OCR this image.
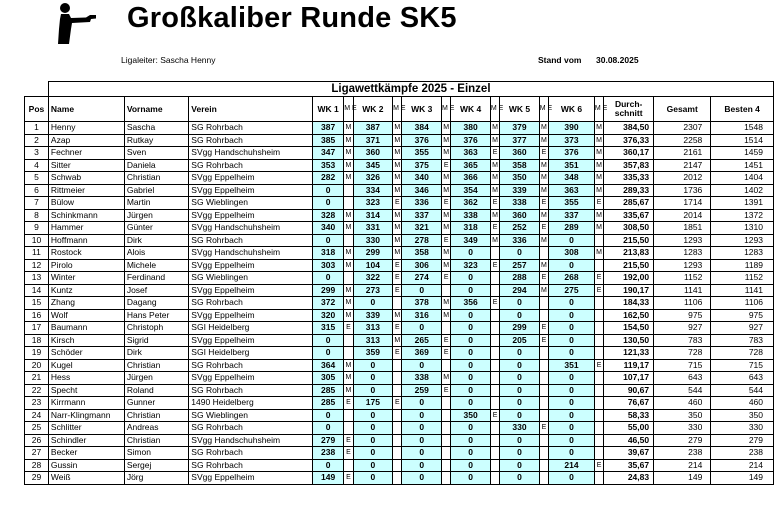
Großkaliber Runde SK5
Ligaleiter: Sascha Henny	Stand vom 30.08.2025
	Ligawettkämpfe 2025 - Einzel																	
Pos	Name	Vorname	Verein	WK 1	M E	WK 2	M E	WK 3	M E	WK 4	M E	WK 5	M E	WK 6	M E	Durch-
schnitt	Gesamt	Besten 4
1	Henny	Sascha	SG Rohrbach	387	M	387	M	384	M	380	M	379	M	390	M	384,50	2307	1548
2	Azap	Rutkay	SG Rohrbach	385	M	371	M	376	M	376	M	377	M	373	M	376,33	2258	1514
3	Fechner	Sven	SVgg Handschuhsheim	347	M	360	M	355	M	363	E	360	E	376	M	360,17	2161	1459
4	Sitter	Daniela	SG Rohrbach	353	M	345	M	375	E	365	M	358	M	351	M	357,83	2147	1451
5	Schwab	Christian	SVgg Eppelheim	282	M	326	M	340	M	366	M	350	M	348	M	335,33	2012	1404
6	Rittmeier	Gabriel	SVgg Eppelheim	0		334	M	346	M	354	M	339	M	363	M	289,33	1736	1402
7	Bülow	Martin	SG Wieblingen	0		323	E	336	E	362	E	338	E	355	E	285,67	1714	1391
8	Schinkmann	Jürgen	SVgg Eppelheim	328	M	314	M	337	M	338	M	360	M	337	M	335,67	2014	1372
9	Hammer	Günter	SVgg Handschuhsheim	340	M	331	M	321	M	318	E	252	E	289	M	308,50	1851	1310
10	Hoffmann	Dirk	SG Rohrbach	0		330	M	278	E	349	M	336	M	0		215,50	1293	1293
11	Rostock	Alois	SVgg Handschuhsheim	318	M	299	M	358	M	0		0		308	M	213,83	1283	1283
12	Pirolo	Michele	SVgg Eppelheim	303	M	104	E	306	M	323	E	257	M	0		215,50	1293	1189
13	Winter	Ferdinand	SG Wieblingen	0		322	E	274	E	0		288	E	268	E	192,00	1152	1152
14	Kuntz	Josef	SVgg Eppelheim	299	M	273	E	0		0		294	M	275	E	190,17	1141	1141
15	Zhang	Dagang	SG Rohrbach	372	M	0		378	M	356	E	0		0		184,33	1106	1106
16	Wolf	Hans Peter	SVgg Eppelheim	320	M	339	M	316	M	0		0		0		162,50	975	975
17	Baumann	Christoph	SGI Heidelberg	315	E	313	E	0		0		299	E	0		154,50	927	927
18	Kirsch	Sigrid	SVgg Eppelheim	0		313	M	265	E	0		205	E	0		130,50	783	783
19	Schöder	Dirk	SGI Heidelberg	0		359	E	369	E	0		0		0		121,33	728	728
20	Kugel	Christian	SG Rohrbach	364	M	0		0		0		0		351	E	119,17	715	715
21	Hess	Jürgen	SVgg Eppelheim	305	M	0		338	M	0		0		0		107,17	643	643
22	Specht	Roland	SG Rohrbach	285	M	0		259	E	0		0		0		90,67	544	544
23	Kirrmann	Gunner	1490 Heidelberg	285	E	175	E	0		0		0		0		76,67	460	460
24	Narr-Klingmann	Christian	SG Wieblingen	0		0		0		350	E	0		0		58,33	350	350
25	Schlitter	Andreas	SG Rohrbach	0		0		0		0		330	E	0		55,00	330	330
26	Schindler	Christian	SVgg Handschuhsheim	279	E	0		0		0		0		0		46,50	279	279
27	Becker	Simon	SG Rohrbach	238	E	0		0		0		0		0		39,67	238	238
28	Gussin	Sergej	SG Rohrbach	0		0		0		0		0		214	E	35,67	214	214
29	Weiß	Jörg	SVgg Eppelheim	149	E	0		0		0		0		0		24,83	149	149
